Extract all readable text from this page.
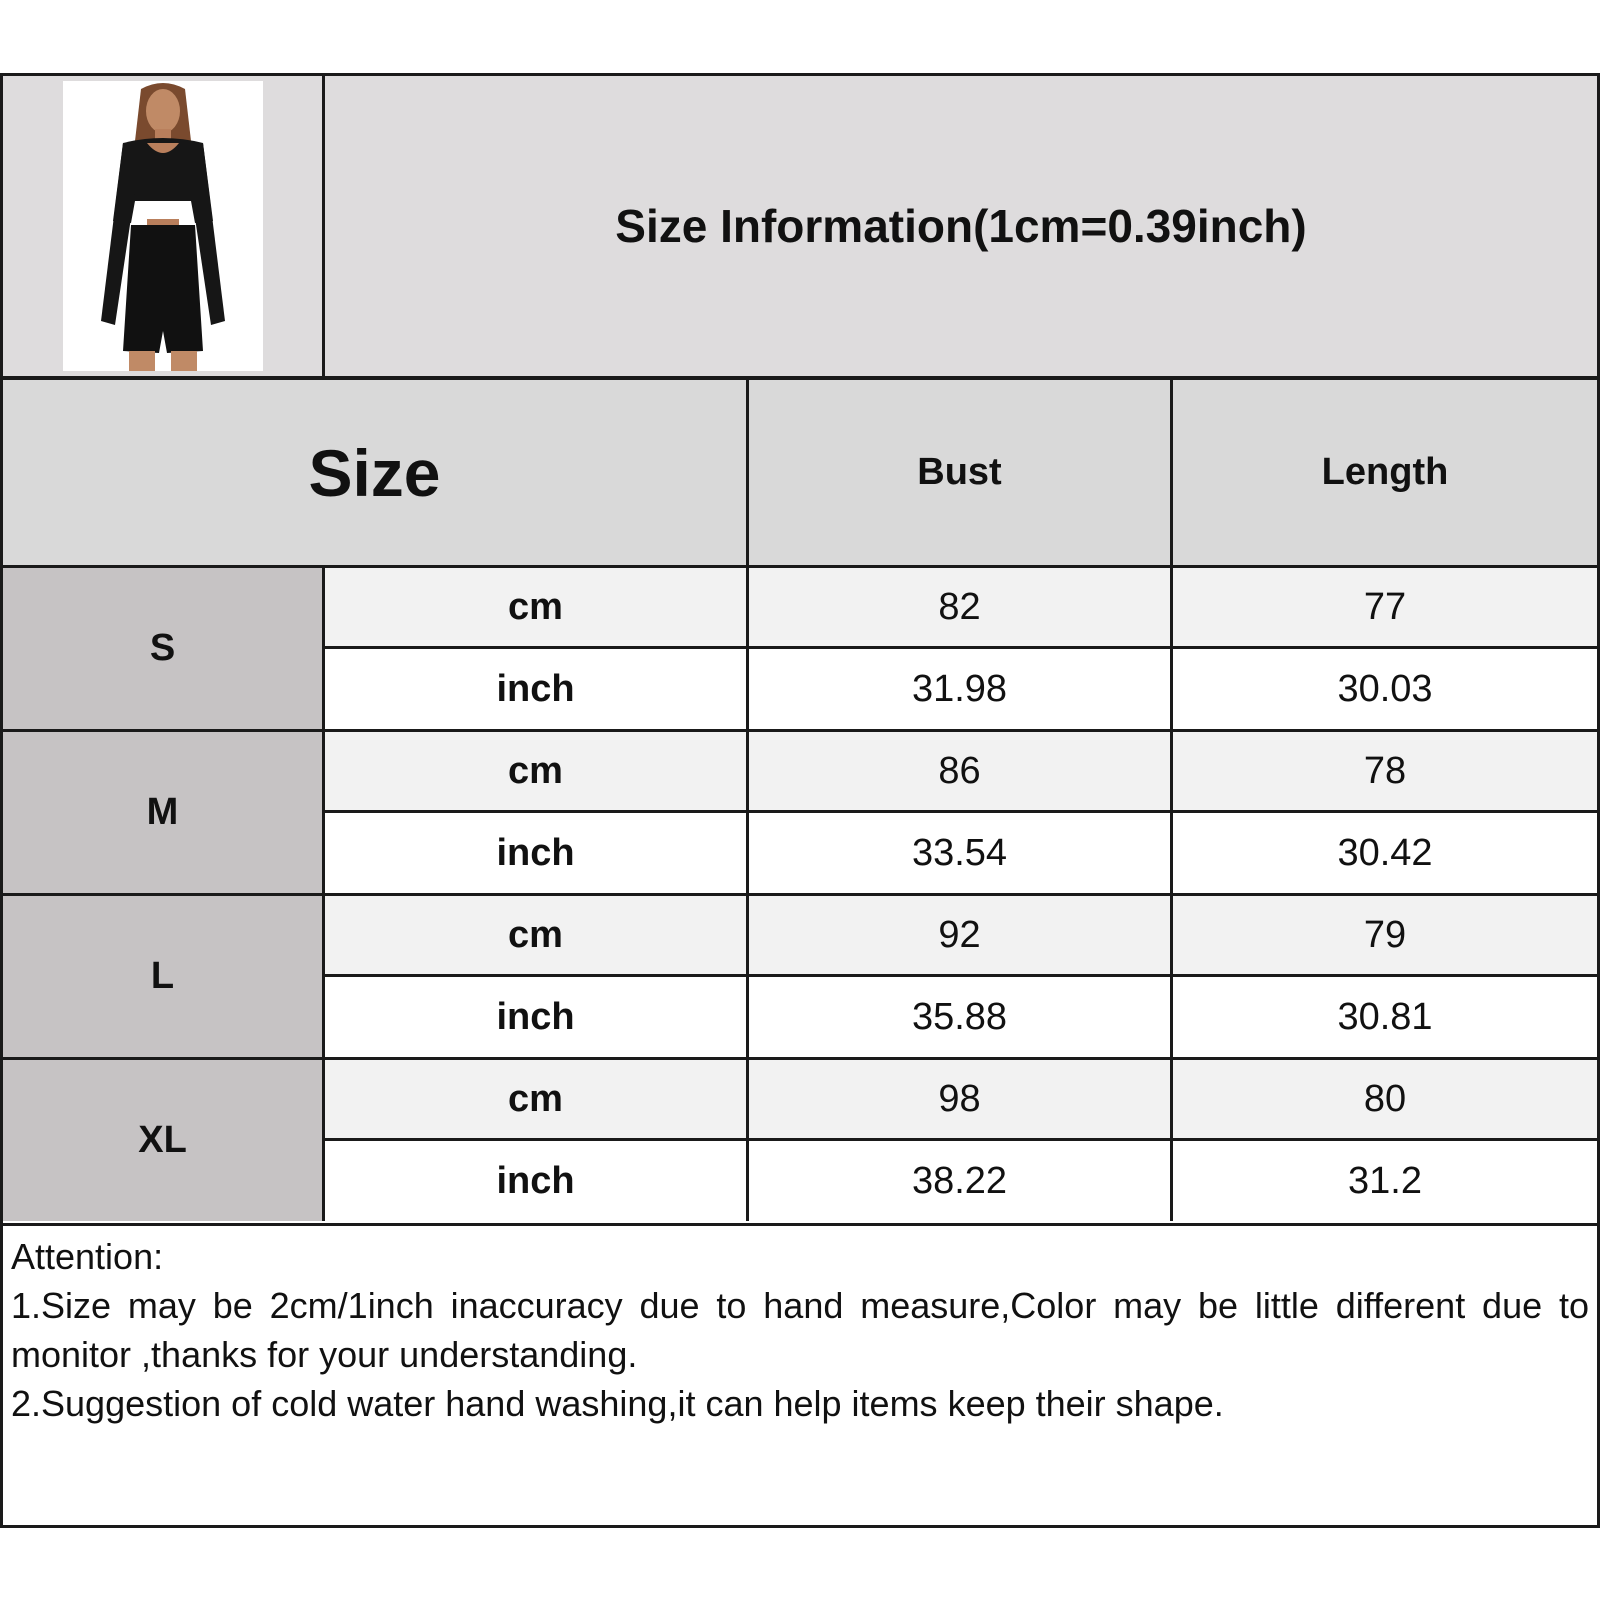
Size Information(1cm=0.39inch)
Size	Bust	Length
S
cm	82	77
inch	31.98	30.03
M
cm	86	78
inch	33.54	30.42
L
cm	92	79
inch	35.88	30.81
XL
cm	98	80
inch	38.22	31.2

Attention:

1.Size may be 2cm/1inch inaccuracy due to hand measure,Color may be little different due to monitor ,thanks for your understanding.

2.Suggestion of cold water hand washing,it can help items keep their shape.
